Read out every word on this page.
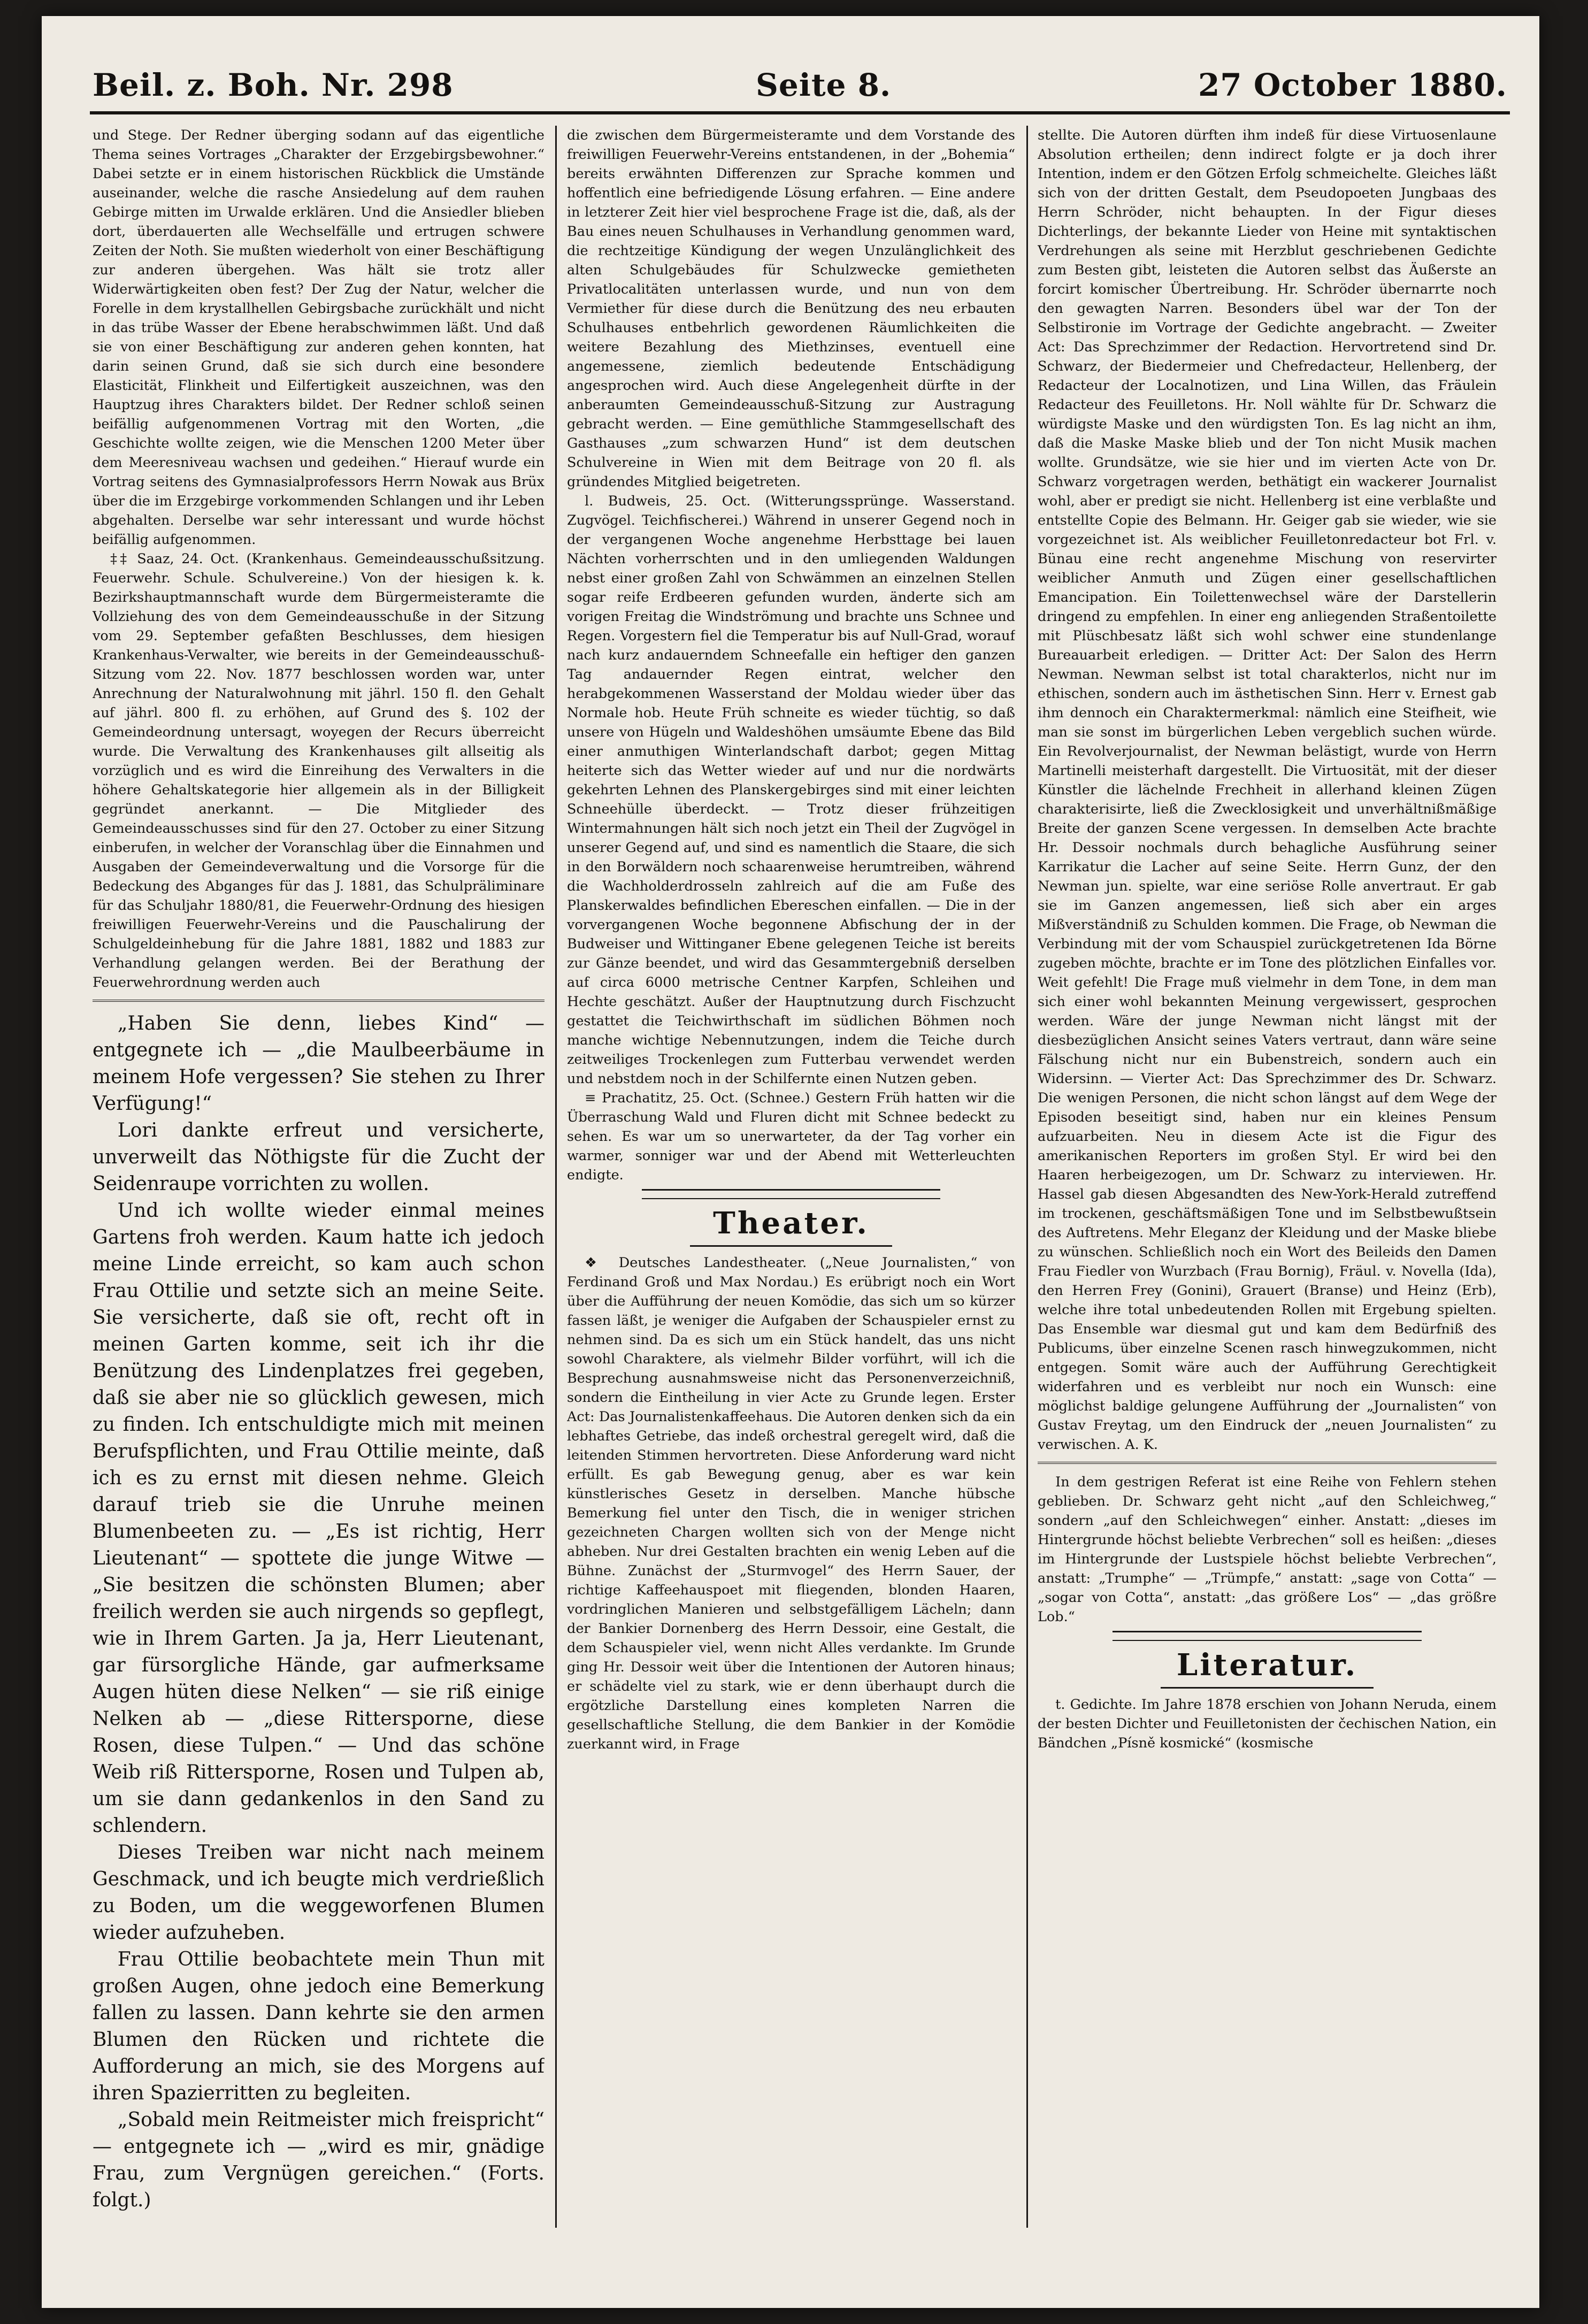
Beil. z. Boh. Nr. 298	Seite 8.	27 October 1880.

und Stege. Der Redner überging sodann auf das eigentliche Thema seines Vortrages „Charakter der Erzgebirgsbewohner.“ Dabei setzte er in einem historischen Rückblick die Umstände auseinander, welche die rasche Ansiedelung auf dem rauhen Gebirge mitten im Urwalde erklären. Und die Ansiedler blieben dort, überdauerten alle Wechselfälle und ertrugen schwere Zeiten der Noth. Sie mußten wiederholt von einer Beschäftigung zur anderen übergehen. Was hält sie trotz aller Widerwärtigkeiten oben fest? Der Zug der Natur, welcher die Forelle in dem krystallhellen Gebirgsbache zurückhält und nicht in das trübe Wasser der Ebene herabschwimmen läßt. Und daß sie von einer Beschäftigung zur anderen gehen konnten, hat darin seinen Grund, daß sie sich durch eine besondere Elasticität, Flinkheit und Eilfertigkeit auszeichnen, was den Hauptzug ihres Charakters bildet. Der Redner schloß seinen beifällig aufgenommenen Vortrag mit den Worten, „die Geschichte wollte zeigen, wie die Menschen 1200 Meter über dem Meeresniveau wachsen und gedeihen.“ Hierauf wurde ein Vortrag seitens des Gymnasialprofessors Herrn Nowak aus Brüx über die im Erzgebirge vorkommenden Schlangen und ihr Leben abgehalten. Derselbe war sehr interessant und wurde höchst beifällig aufgenommen.

‡‡ Saaz, 24. Oct. (Krankenhaus. Gemeindeausschußsitzung. Feuerwehr. Schule. Schulvereine.) Von der hiesigen k. k. Bezirkshauptmannschaft wurde dem Bürgermeisteramte die Vollziehung des von dem Gemeindeausschuße in der Sitzung vom 29. September gefaßten Beschlusses, dem hiesigen Krankenhaus-Verwalter, wie bereits in der Gemeindeausschuß-Sitzung vom 22. Nov. 1877 beschlossen worden war, unter Anrechnung der Naturalwohnung mit jährl. 150 fl. den Gehalt auf jährl. 800 fl. zu erhöhen, auf Grund des §. 102 der Gemeindeordnung untersagt, woyegen der Recurs überreicht wurde. Die Verwaltung des Krankenhauses gilt allseitig als vorzüglich und es wird die Einreihung des Verwalters in die höhere Gehaltskategorie hier allgemein als in der Billigkeit gegründet anerkannt. — Die Mitglieder des Gemeindeausschusses sind für den 27. October zu einer Sitzung einberufen, in welcher der Voranschlag über die Einnahmen und Ausgaben der Gemeindeverwaltung und die Vorsorge für die Bedeckung des Abganges für das J. 1881, das Schulpräliminare für das Schuljahr 1880/81, die Feuerwehr-Ordnung des hiesigen freiwilligen Feuerwehr-Vereins und die Pauschalirung der Schulgeldeinhebung für die Jahre 1881, 1882 und 1883 zur Verhandlung gelangen werden. Bei der Berathung der Feuerwehrordnung werden auch

„Haben Sie denn, liebes Kind“ — entgegnete ich — „die Maulbeerbäume in meinem Hofe vergessen? Sie stehen zu Ihrer Verfügung!“

Lori dankte erfreut und versicherte, unverweilt das Nöthigste für die Zucht der Seidenraupe vorrichten zu wollen.

Und ich wollte wieder einmal meines Gartens froh werden. Kaum hatte ich jedoch meine Linde erreicht, so kam auch schon Frau Ottilie und setzte sich an meine Seite. Sie versicherte, daß sie oft, recht oft in meinen Garten komme, seit ich ihr die Benützung des Lindenplatzes frei gegeben, daß sie aber nie so glücklich gewesen, mich zu finden. Ich entschuldigte mich mit meinen Berufspflichten, und Frau Ottilie meinte, daß ich es zu ernst mit diesen nehme. Gleich darauf trieb sie die Unruhe meinen Blumenbeeten zu. — „Es ist richtig, Herr Lieutenant“ — spottete die junge Witwe — „Sie besitzen die schönsten Blumen; aber freilich werden sie auch nirgends so gepflegt, wie in Ihrem Garten. Ja ja, Herr Lieutenant, gar fürsorgliche Hände, gar aufmerksame Augen hüten diese Nelken“ — sie riß einige Nelken ab — „diese Rittersporne, diese Rosen, diese Tulpen.“ — Und das schöne Weib riß Rittersporne, Rosen und Tulpen ab, um sie dann gedankenlos in den Sand zu schlendern.

Dieses Treiben war nicht nach meinem Geschmack, und ich beugte mich verdrießlich zu Boden, um die weggeworfenen Blumen wieder aufzuheben.

Frau Ottilie beobachtete mein Thun mit großen Augen, ohne jedoch eine Bemerkung fallen zu lassen. Dann kehrte sie den armen Blumen den Rücken und richtete die Aufforderung an mich, sie des Morgens auf ihren Spazierritten zu begleiten.

„Sobald mein Reitmeister mich freispricht“ — entgegnete ich — „wird es mir, gnädige Frau, zum Vergnügen gereichen.“ (Forts. folgt.)

die zwischen dem Bürgermeisteramte und dem Vorstande des freiwilligen Feuerwehr-Vereins entstandenen, in der „Bohemia“ bereits erwähnten Differenzen zur Sprache kommen und hoffentlich eine befriedigende Lösung erfahren. — Eine andere in letzterer Zeit hier viel besprochene Frage ist die, daß, als der Bau eines neuen Schulhauses in Verhandlung genommen ward, die rechtzeitige Kündigung der wegen Unzulänglichkeit des alten Schulgebäudes für Schulzwecke gemietheten Privatlocalitäten unterlassen wurde, und nun von dem Vermiether für diese durch die Benützung des neu erbauten Schulhauses entbehrlich gewordenen Räumlichkeiten die weitere Bezahlung des Miethzinses, eventuell eine angemessene, ziemlich bedeutende Entschädigung angesprochen wird. Auch diese Angelegenheit dürfte in der anberaumten Gemeindeausschuß-Sitzung zur Austragung gebracht werden. — Eine gemüthliche Stammgesellschaft des Gasthauses „zum schwarzen Hund“ ist dem deutschen Schulvereine in Wien mit dem Beitrage von 20 fl. als gründendes Mitglied beigetreten.

l. Budweis, 25. Oct. (Witterungssprünge. Wasserstand. Zugvögel. Teichfischerei.) Während in unserer Gegend noch in der vergangenen Woche angenehme Herbsttage bei lauen Nächten vorherrschten und in den umliegenden Waldungen nebst einer großen Zahl von Schwämmen an einzelnen Stellen sogar reife Erdbeeren gefunden wurden, änderte sich am vorigen Freitag die Windströmung und brachte uns Schnee und Regen. Vorgestern fiel die Temperatur bis auf Null-Grad, worauf nach kurz andauerndem Schneefalle ein heftiger den ganzen Tag andauernder Regen eintrat, welcher den herabgekommenen Wasserstand der Moldau wieder über das Normale hob. Heute Früh schneite es wieder tüchtig, so daß unsere von Hügeln und Waldeshöhen umsäumte Ebene das Bild einer anmuthigen Winterlandschaft darbot; gegen Mittag heiterte sich das Wetter wieder auf und nur die nordwärts gekehrten Lehnen des Planskergebirges sind mit einer leichten Schneehülle überdeckt. — Trotz dieser frühzeitigen Wintermahnungen hält sich noch jetzt ein Theil der Zugvögel in unserer Gegend auf, und sind es namentlich die Staare, die sich in den Borwäldern noch schaarenweise herumtreiben, während die Wachholderdrosseln zahlreich auf die am Fuße des Planskerwaldes befindlichen Ebereschen einfallen. — Die in der vorvergangenen Woche begonnene Abfischung der in der Budweiser und Wittinganer Ebene gelegenen Teiche ist bereits zur Gänze beendet, und wird das Gesammtergebniß derselben auf circa 6000 metrische Centner Karpfen, Schleihen und Hechte geschätzt. Außer der Hauptnutzung durch Fischzucht gestattet die Teichwirthschaft im südlichen Böhmen noch manche wichtige Nebennutzungen, indem die Teiche durch zeitweiliges Trockenlegen zum Futterbau verwendet werden und nebstdem noch in der Schilfernte einen Nutzen geben.

≡ Prachatitz, 25. Oct. (Schnee.) Gestern Früh hatten wir die Überraschung Wald und Fluren dicht mit Schnee bedeckt zu sehen. Es war um so unerwarteter, da der Tag vorher ein warmer, sonniger war und der Abend mit Wetterleuchten endigte.

Theater.

❖ Deutsches Landestheater. („Neue Journalisten,“ von Ferdinand Groß und Max Nordau.) Es erübrigt noch ein Wort über die Aufführung der neuen Komödie, das sich um so kürzer fassen läßt, je weniger die Aufgaben der Schauspieler ernst zu nehmen sind. Da es sich um ein Stück handelt, das uns nicht sowohl Charaktere, als vielmehr Bilder vorführt, will ich die Besprechung ausnahmsweise nicht das Personenverzeichniß, sondern die Eintheilung in vier Acte zu Grunde legen. Erster Act: Das Journalistenkaffeehaus. Die Autoren denken sich da ein lebhaftes Getriebe, das indeß orchestral geregelt wird, daß die leitenden Stimmen hervortreten. Diese Anforderung ward nicht erfüllt. Es gab Bewegung genug, aber es war kein künstlerisches Gesetz in derselben. Manche hübsche Bemerkung fiel unter den Tisch, die in weniger strichen gezeichneten Chargen wollten sich von der Menge nicht abheben. Nur drei Gestalten brachten ein wenig Leben auf die Bühne. Zunächst der „Sturmvogel“ des Herrn Sauer, der richtige Kaffeehauspoet mit fliegenden, blonden Haaren, vordringlichen Manieren und selbstgefälligem Lächeln; dann der Bankier Dornenberg des Herrn Dessoir, eine Gestalt, die dem Schauspieler viel, wenn nicht Alles verdankte. Im Grunde ging Hr. Dessoir weit über die Intentionen der Autoren hinaus; er schädelte viel zu stark, wie er denn überhaupt durch die ergötzliche Darstellung eines kompleten Narren die gesellschaftliche Stellung, die dem Bankier in der Komödie zuerkannt wird, in Frage

stellte. Die Autoren dürften ihm indeß für diese Virtuosenlaune Absolution ertheilen; denn indirect folgte er ja doch ihrer Intention, indem er den Götzen Erfolg schmeichelte. Gleiches läßt sich von der dritten Gestalt, dem Pseudopoeten Jungbaas des Herrn Schröder, nicht behaupten. In der Figur dieses Dichterlings, der bekannte Lieder von Heine mit syntaktischen Verdrehungen als seine mit Herzblut geschriebenen Gedichte zum Besten gibt, leisteten die Autoren selbst das Äußerste an forcirt komischer Übertreibung. Hr. Schröder übernarrte noch den gewagten Narren. Besonders übel war der Ton der Selbstironie im Vortrage der Gedichte angebracht. — Zweiter Act: Das Sprechzimmer der Redaction. Hervortretend sind Dr. Schwarz, der Biedermeier und Chefredacteur, Hellenberg, der Redacteur der Localnotizen, und Lina Willen, das Fräulein Redacteur des Feuilletons. Hr. Noll wählte für Dr. Schwarz die würdigste Maske und den würdigsten Ton. Es lag nicht an ihm, daß die Maske Maske blieb und der Ton nicht Musik machen wollte. Grundsätze, wie sie hier und im vierten Acte von Dr. Schwarz vorgetragen werden, bethätigt ein wackerer Journalist wohl, aber er predigt sie nicht. Hellenberg ist eine verblaßte und entstellte Copie des Belmann. Hr. Geiger gab sie wieder, wie sie vorgezeichnet ist. Als weiblicher Feuilletonredacteur bot Frl. v. Bünau eine recht angenehme Mischung von reservirter weiblicher Anmuth und Zügen einer gesellschaftlichen Emancipation. Ein Toilettenwechsel wäre der Darstellerin dringend zu empfehlen. In einer eng anliegenden Straßentoilette mit Plüschbesatz läßt sich wohl schwer eine stundenlange Bureauarbeit erledigen. — Dritter Act: Der Salon des Herrn Newman. Newman selbst ist total charakterlos, nicht nur im ethischen, sondern auch im ästhetischen Sinn. Herr v. Ernest gab ihm dennoch ein Charaktermerkmal: nämlich eine Steifheit, wie man sie sonst im bürgerlichen Leben vergeblich suchen würde. Ein Revolverjournalist, der Newman belästigt, wurde von Herrn Martinelli meisterhaft dargestellt. Die Virtuosität, mit der dieser Künstler die lächelnde Frechheit in allerhand kleinen Zügen charakterisirte, ließ die Zwecklosigkeit und unverhältnißmäßige Breite der ganzen Scene vergessen. In demselben Acte brachte Hr. Dessoir nochmals durch behagliche Ausführung seiner Karrikatur die Lacher auf seine Seite. Herrn Gunz, der den Newman jun. spielte, war eine seriöse Rolle anvertraut. Er gab sie im Ganzen angemessen, ließ sich aber ein arges Mißverständniß zu Schulden kommen. Die Frage, ob Newman die Verbindung mit der vom Schauspiel zurückgetretenen Ida Börne zugeben möchte, brachte er im Tone des plötzlichen Einfalles vor. Weit gefehlt! Die Frage muß vielmehr in dem Tone, in dem man sich einer wohl bekannten Meinung vergewissert, gesprochen werden. Wäre der junge Newman nicht längst mit der diesbezüglichen Ansicht seines Vaters vertraut, dann wäre seine Fälschung nicht nur ein Bubenstreich, sondern auch ein Widersinn. — Vierter Act: Das Sprechzimmer des Dr. Schwarz. Die wenigen Personen, die nicht schon längst auf dem Wege der Episoden beseitigt sind, haben nur ein kleines Pensum aufzuarbeiten. Neu in diesem Acte ist die Figur des amerikanischen Reporters im großen Styl. Er wird bei den Haaren herbeigezogen, um Dr. Schwarz zu interviewen. Hr. Hassel gab diesen Abgesandten des New-York-Herald zutreffend im trockenen, geschäftsmäßigen Tone und im Selbstbewußtsein des Auftretens. Mehr Eleganz der Kleidung und der Maske bliebe zu wünschen. Schließlich noch ein Wort des Beileids den Damen Frau Fiedler von Wurzbach (Frau Bornig), Fräul. v. Novella (Ida), den Herren Frey (Gonini), Grauert (Branse) und Heinz (Erb), welche ihre total unbedeutenden Rollen mit Ergebung spielten. Das Ensemble war diesmal gut und kam dem Bedürfniß des Publicums, über einzelne Scenen rasch hinwegzukommen, nicht entgegen. Somit wäre auch der Aufführung Gerechtigkeit widerfahren und es verbleibt nur noch ein Wunsch: eine möglichst baldige gelungene Aufführung der „Journalisten“ von Gustav Freytag, um den Eindruck der „neuen Journalisten“ zu verwischen. A. K.

In dem gestrigen Referat ist eine Reihe von Fehlern stehen geblieben. Dr. Schwarz geht nicht „auf den Schleichweg,“ sondern „auf den Schleichwegen“ einher. Anstatt: „dieses im Hintergrunde höchst beliebte Verbrechen“ soll es heißen: „dieses im Hintergrunde der Lustspiele höchst beliebte Verbrechen“, anstatt: „Trumphe“ — „Trümpfe,“ anstatt: „sage von Cotta“ — „sogar von Cotta“, anstatt: „das größere Los“ — „das größre Lob.“

Literatur.

t. Gedichte. Im Jahre 1878 erschien von Johann Neruda, einem der besten Dichter und Feuilletonisten der čechischen Nation, ein Bändchen „Písně kosmické“ (kosmische
